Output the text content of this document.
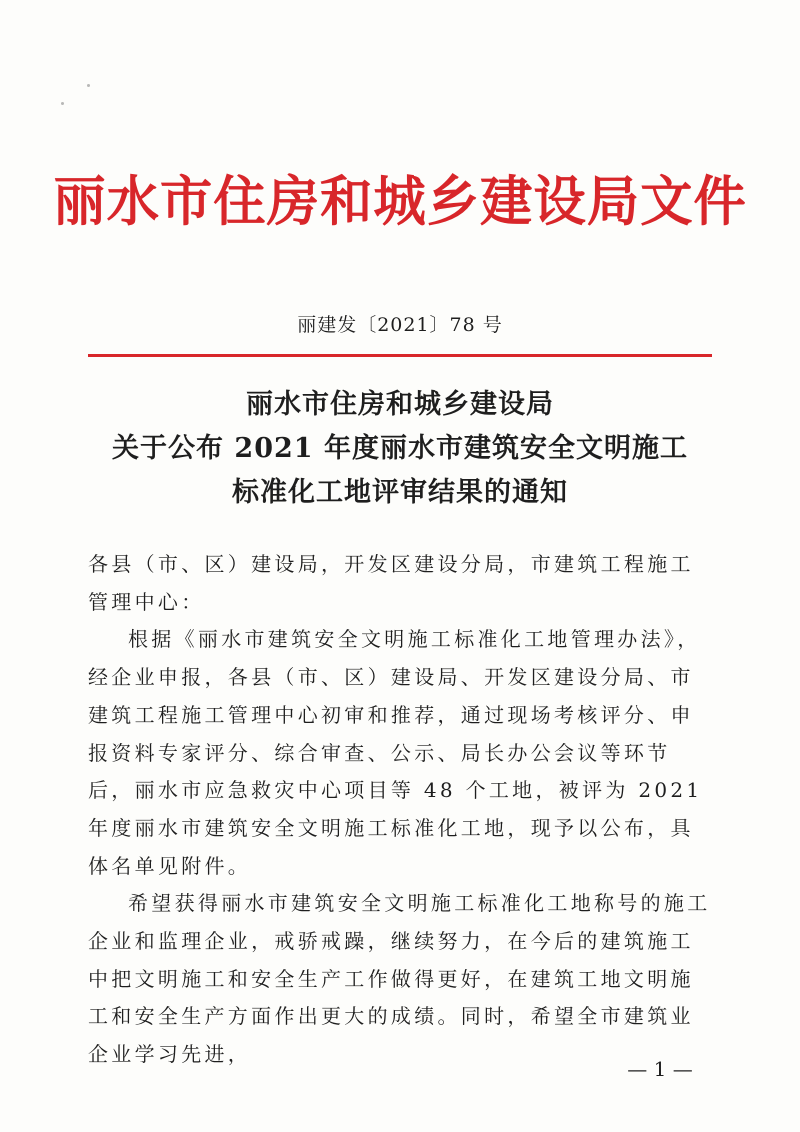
丽水市住房和城乡建设局文件
丽建发〔2021〕78 号
丽水市住房和城乡建设局
关于公布 2021 年度丽水市建筑安全文明施工
标准化工地评审结果的通知

各县（市、区）建设局，开发区建设分局，市建筑工程施工管理中心：

根据《丽水市建筑安全文明施工标准化工地管理办法》，经企业申报，各县（市、区）建设局、开发区建设分局、市建筑工程施工管理中心初审和推荐，通过现场考核评分、申报资料专家评分、综合审查、公示、局长办公会议等环节后，丽水市应急救灾中心项目等 48 个工地，被评为 2021 年度丽水市建筑安全文明施工标准化工地，现予以公布，具体名单见附件。

希望获得丽水市建筑安全文明施工标准化工地称号的施工企业和监理企业，戒骄戒躁，继续努力，在今后的建筑施工中把文明施工和安全生产工作做得更好，在建筑工地文明施工和安全生产方面作出更大的成绩。同时，希望全市建筑业企业学习先进，

— 1 —
